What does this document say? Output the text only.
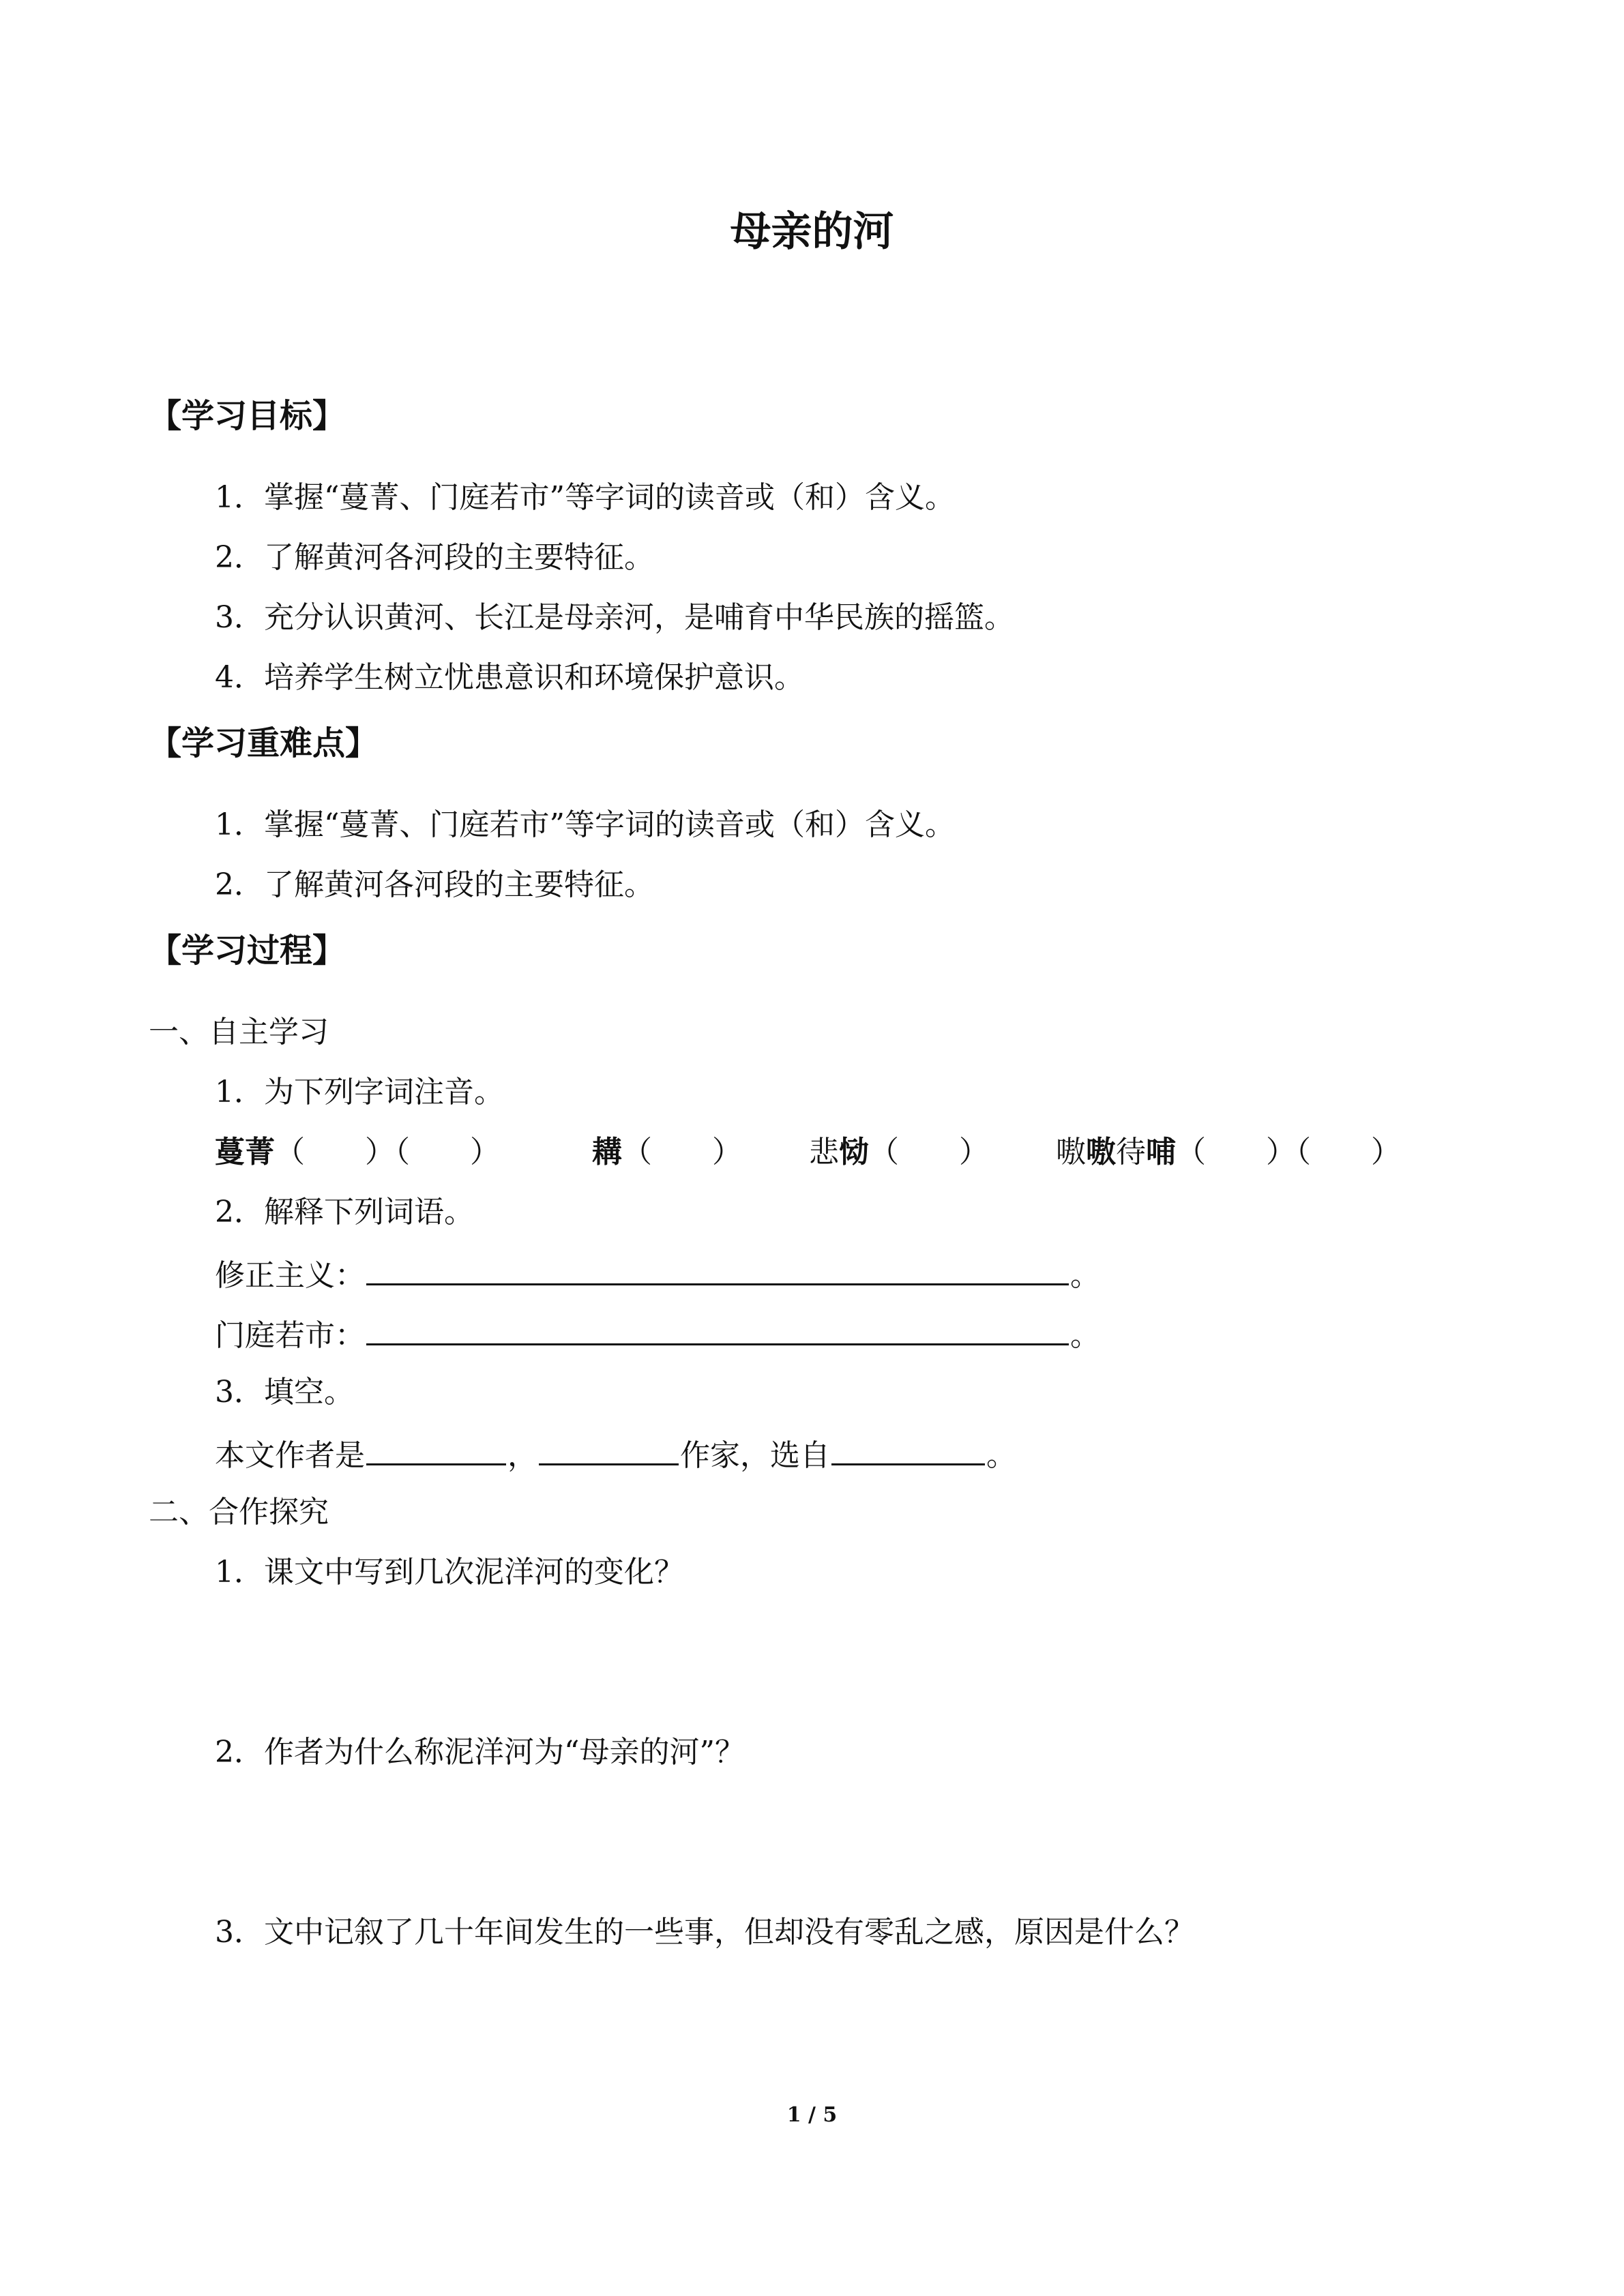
母亲的河
【学习目标】
1．掌握“蔓菁、门庭若市”等字词的读音或（和）含义。
2．了解黄河各河段的主要特征。
3．充分认识黄河、长江是母亲河，是哺育中华民族的摇篮。
4．培养学生树立忧患意识和环境保护意识。
【学习重难点】
1．掌握“蔓菁、门庭若市”等字词的读音或（和）含义。
2．了解黄河各河段的主要特征。
【学习过程】
一、自主学习
1．为下列字词注音。
蔓菁（　　）（　　）	耩（　　） 悲恸（　　） 嗷嗷待哺（　　）（　　）
2．解释下列词语。
修正主义：	。
门庭若市：	。
3．填空。
本文作者是	，	作家，选自	。
二、合作探究
1．课文中写到几次泥洋河的变化？
2．作者为什么称泥洋河为“母亲的河”？
3．文中记叙了几十年间发生的一些事，但却没有零乱之感，原因是什么？
1 / 5
